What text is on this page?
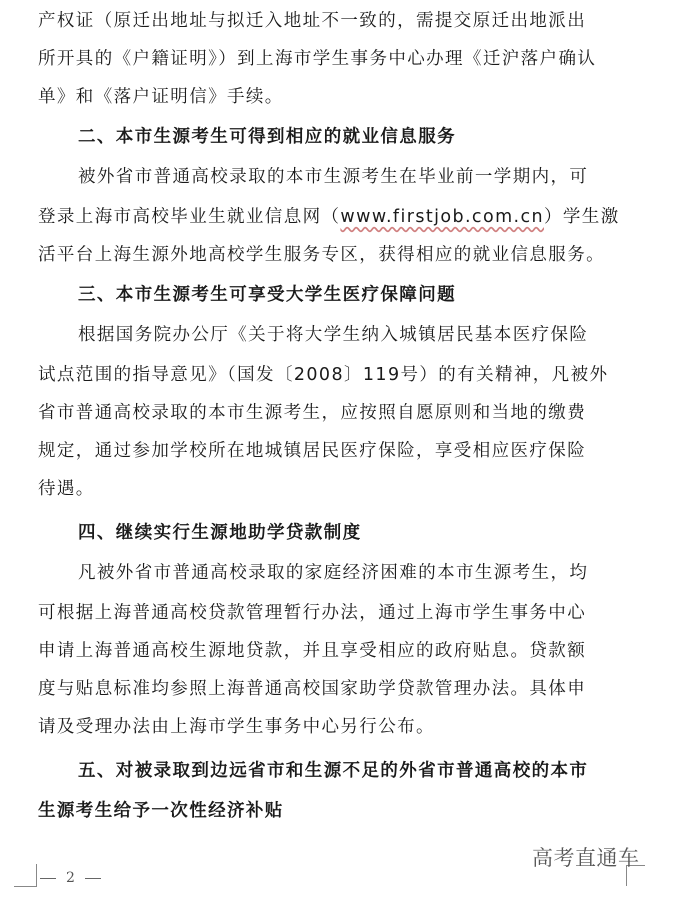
产权证（原迁出地址与拟迁入地址不一致的，需提交原迁出地派出
所开具的《户籍证明》）到上海市学生事务中心办理《迁沪落户确认
单》和《落户证明信》手续。
二、本市生源考生可得到相应的就业信息服务
被外省市普通高校录取的本市生源考生在毕业前一学期内，可
登录上海市高校毕业生就业信息网（www.firstjob.com.cn）学生激
活平台上海生源外地高校学生服务专区，获得相应的就业信息服务。
三、本市生源考生可享受大学生医疗保障问题
根据国务院办公厅《关于将大学生纳入城镇居民基本医疗保险
试点范围的指导意见》（国发〔2008〕119号）的有关精神，凡被外
省市普通高校录取的本市生源考生，应按照自愿原则和当地的缴费
规定，通过参加学校所在地城镇居民医疗保险，享受相应医疗保险
待遇。
四、继续实行生源地助学贷款制度
凡被外省市普通高校录取的家庭经济困难的本市生源考生，均
可根据上海普通高校贷款管理暂行办法，通过上海市学生事务中心
申请上海普通高校生源地贷款，并且享受相应的政府贴息。贷款额
度与贴息标准均参照上海普通高校国家助学贷款管理办法。具体申
请及受理办法由上海市学生事务中心另行公布。
五、对被录取到边远省市和生源不足的外省市普通高校的本市
生源考生给予一次性经济补贴
2
高考直通车
